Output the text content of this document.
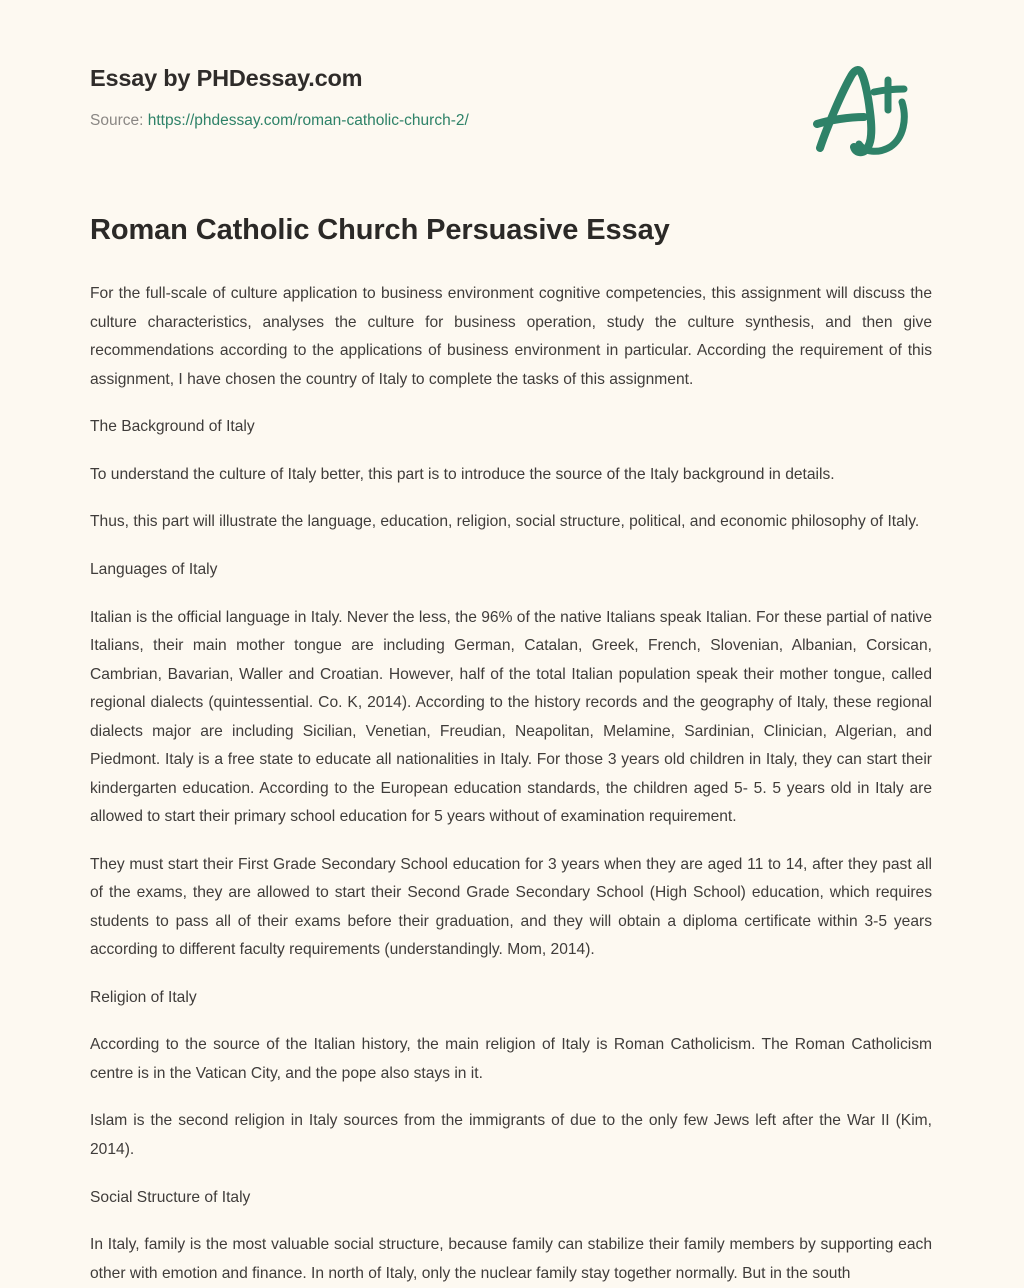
Essay by PHDessay.com
Source: https://phdessay.com/roman-catholic-church-2/
Roman Catholic Church Persuasive Essay

For the full-scale of culture application to business environment cognitive competencies, this assignment will discuss the culture characteristics, analyses the culture for business operation, study the culture synthesis, and then give recommendations according to the applications of business environment in particular. According the requirement of this assignment, I have chosen the country of Italy to complete the tasks of this assignment.

The Background of Italy

To understand the culture of Italy better, this part is to introduce the source of the Italy background in details.

Thus, this part will illustrate the language, education, religion, social structure, political, and economic philosophy of Italy.

Languages of Italy

Italian is the official language in Italy. Never the less, the 96% of the native Italians speak Italian. For these partial of native Italians, their main mother tongue are including German, Catalan, Greek, French, Slovenian, Albanian, Corsican, Cambrian, Bavarian, Waller and Croatian. However, half of the total Italian population speak their mother tongue, called regional dialects (quintessential. Co. K, 2014). According to the history records and the geography of Italy, these regional dialects major are including Sicilian, Venetian, Freudian, Neapolitan, Melamine, Sardinian, Clinician, Algerian, and Piedmont. Italy is a free state to educate all nationalities in Italy. For those 3 years old children in Italy, they can start their kindergarten education. According to the European education standards, the children aged 5- 5. 5 years old in Italy are allowed to start their primary school education for 5 years without of examination requirement.

They must start their First Grade Secondary School education for 3 years when they are aged 11 to 14, after they past all of the exams, they are allowed to start their Second Grade Secondary School (High School) education, which requires students to pass all of their exams before their graduation, and they will obtain a diploma certificate within 3-5 years according to different faculty requirements (understandingly. Mom, 2014).

Religion of Italy

According to the source of the Italian history, the main religion of Italy is Roman Catholicism. The Roman Catholicism centre is in the Vatican City, and the pope also stays in it.

Islam is the second religion in Italy sources from the immigrants of due to the only few Jews left after the War II (Kim, 2014).

Social Structure of Italy

In Italy, family is the most valuable social structure, because family can stabilize their family members by supporting each other with emotion and finance. In north of Italy, only the nuclear family stay together normally. But in the south
